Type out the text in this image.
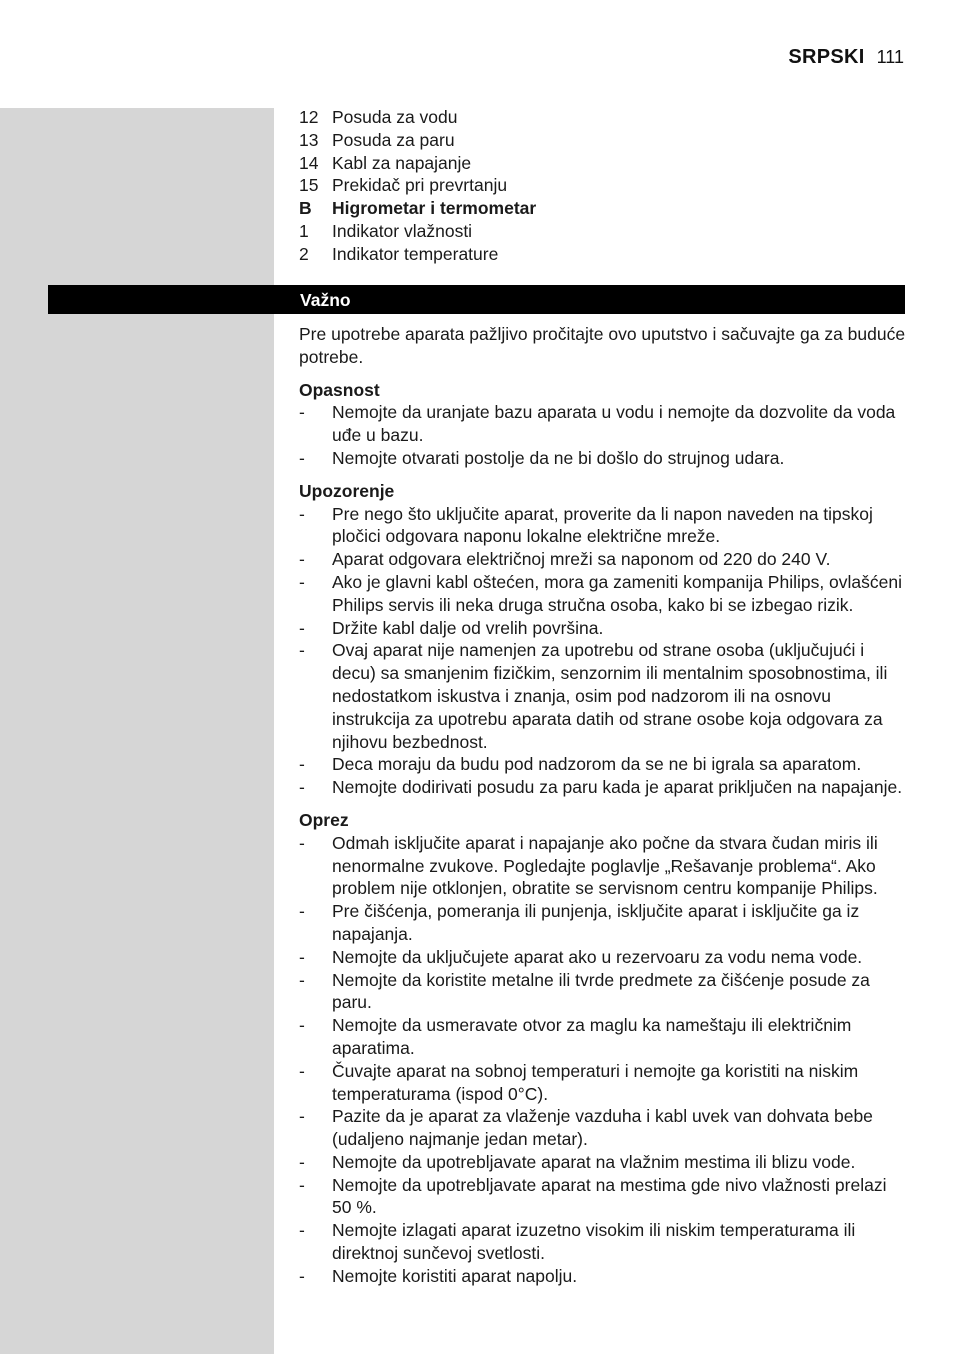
SRPSKI 111
12 Posuda za vodu
13 Posuda za paru
14 Kabl za napajanje
15 Prekidač pri prevrtanju
B	Higrometar i termometar
1	Indikator vlažnosti
2	Indikator temperature
Važno
Pre upotrebe aparata pažljivo pročitajte ovo uputstvo i sačuvajte ga za buduće potrebe.
Opasnost
- Nemojte da uranjate bazu aparata u vodu i nemojte da dozvolite da voda uđe u bazu.
- Nemojte otvarati postolje da ne bi došlo do strujnog udara.
Upozorenje
- Pre nego što uključite aparat, proverite da li napon naveden na tipskoj pločici odgovara naponu lokalne električne mreže.
- Aparat odgovara električnoj mreži sa naponom od 220 do 240 V.
- Ako je glavni kabl oštećen, mora ga zameniti kompanija Philips, ovlašćeni Philips servis ili neka druga stručna osoba, kako bi se izbegao rizik.
- Držite kabl dalje od vrelih površina.
- Ovaj aparat nije namenjen za upotrebu od strane osoba (uključujući i decu) sa smanjenim fizičkim, senzornim ili mentalnim sposobnostima, ili nedostatkom iskustva i znanja, osim pod nadzorom ili na osnovu instrukcija za upotrebu aparata datih od strane osobe koja odgovara za njihovu bezbednost.
- Deca moraju da budu pod nadzorom da se ne bi igrala sa aparatom.
- Nemojte dodirivati posudu za paru kada je aparat priključen na napajanje.
Oprez
- Odmah isključite aparat i napajanje ako počne da stvara čudan miris ili nenormalne zvukove. Pogledajte poglavlje „Rešavanje problema“. Ako problem nije otklonjen, obratite se servisnom centru kompanije Philips.
- Pre čišćenja, pomeranja ili punjenja, isključite aparat i isključite ga iz napajanja.
- Nemojte da uključujete aparat ako u rezervoaru za vodu nema vode.
- Nemojte da koristite metalne ili tvrde predmete za čišćenje posude za paru.
- Nemojte da usmeravate otvor za maglu ka nameštaju ili električnim aparatima.
- Čuvajte aparat na sobnoj temperaturi i nemojte ga koristiti na niskim temperaturama (ispod 0°C).
- Pazite da je aparat za vlaženje vazduha i kabl uvek van dohvata bebe (udaljeno najmanje jedan metar).
- Nemojte da upotrebljavate aparat na vlažnim mestima ili blizu vode.
- Nemojte da upotrebljavate aparat na mestima gde nivo vlažnosti prelazi 50 %.
- Nemojte izlagati aparat izuzetno visokim ili niskim temperaturama ili direktnoj sunčevoj svetlosti.
- Nemojte koristiti aparat napolju.
